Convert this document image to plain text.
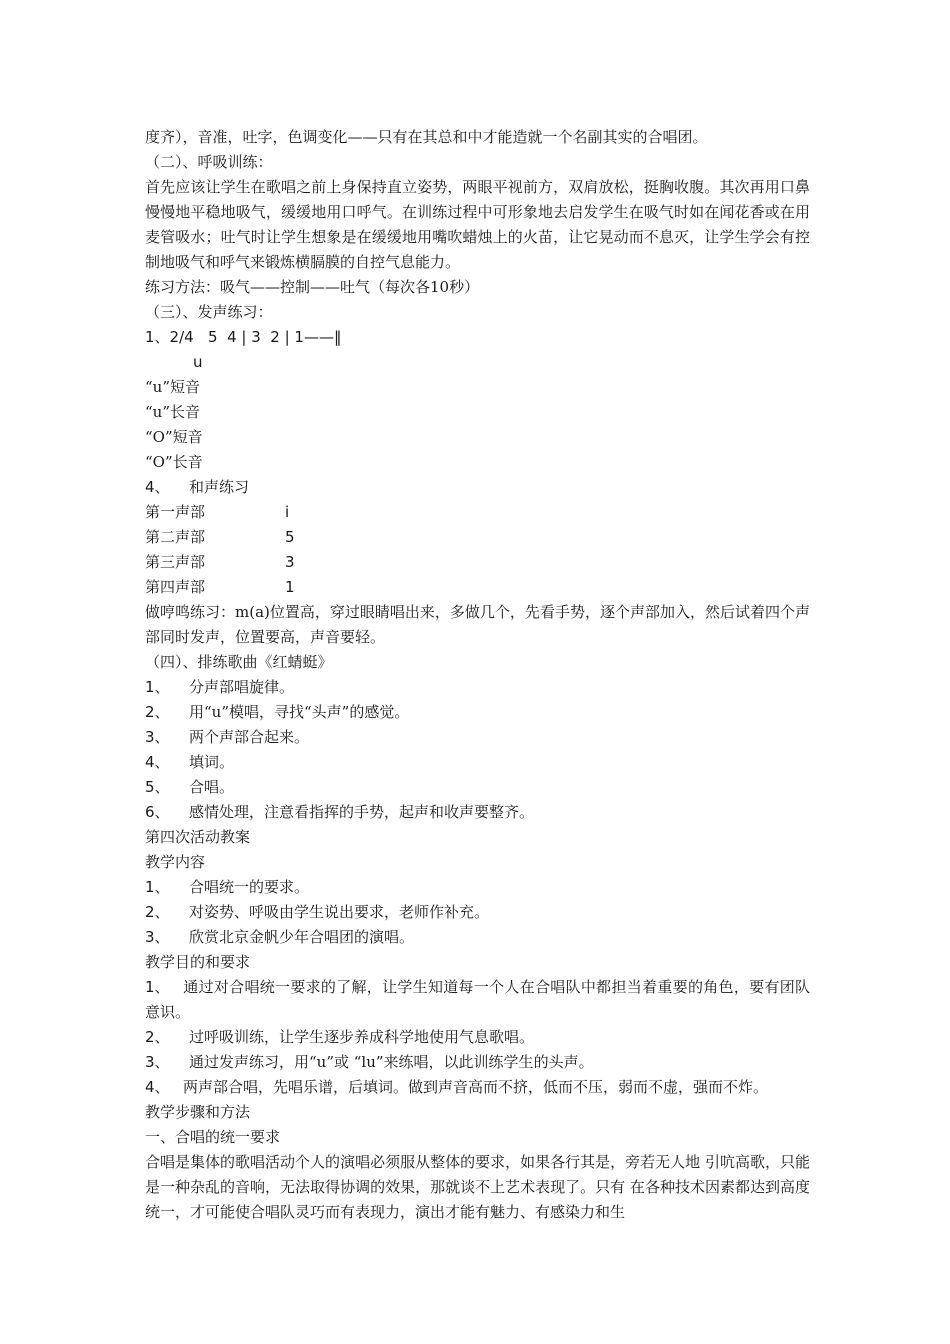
度齐），音准，吐字，色调变化——只有在其总和中才能造就一个名副其实的合唱团。
（二）、呼吸训练：
首先应该让学生在歌唱之前上身保持直立姿势，两眼平视前方，双肩放松，挺胸收腹。其次再用口鼻慢慢地平稳地吸气，缓缓地用口呼气。在训练过程中可形象地去启发学生在吸气时如在闻花香或在用麦管吸水；吐气时让学生想象是在缓缓地用嘴吹蜡烛上的火苗，让它晃动而不息灭，让学生学会有控制地吸气和呼气来锻炼横膈膜的自控气息能力。
练习方法：吸气——控制——吐气（每次各10秒）
（三）、发声练习：
1、2/4   5  4 | 3  2 | 1——‖
u
“u”短音
“u”长音
“O”短音
“O”长音
4、 和声练习
第一声部	i
第二声部	5
第三声部	3
第四声部	1
做哼鸣练习：m(a)位置高，穿过眼睛唱出来，多做几个，先看手势，逐个声部加入，然后试着四个声部同时发声，位置要高，声音要轻。
（四）、排练歌曲《红蜻蜓》
1、 分声部唱旋律。
2、 用“u”模唱，寻找“头声”的感觉。
3、 两个声部合起来。
4、 填词。
5、 合唱。
6、 感情处理，注意看指挥的手势，起声和收声要整齐。
第四次活动教案
教学内容
1、 合唱统一的要求。
2、 对姿势、呼吸由学生说出要求，老师作补充。
3、 欣赏北京金帆少年合唱团的演唱。
教学目的和要求
1、 通过对合唱统一要求的了解，让学生知道每一个人在合唱队中都担当着重要的角色，要有团队意识。
2、 过呼吸训练，让学生逐步养成科学地使用气息歌唱。
3、 通过发声练习，用“u”或 “lu”来练唱，以此训练学生的头声。
4、 两声部合唱，先唱乐谱，后填词。做到声音高而不挤，低而不压，弱而不虚，强而不炸。
教学步骤和方法
一、合唱的统一要求
合唱是集体的歌唱活动个人的演唱必须服从整体的要求，如果各行其是，旁若无人地 引吭高歌，只能是一种杂乱的音响，无法取得协调的效果，那就谈不上艺术表现了。只有 在各种技术因素都达到高度统一，才可能使合唱队灵巧而有表现力，演出才能有魅力、有感染力和生
